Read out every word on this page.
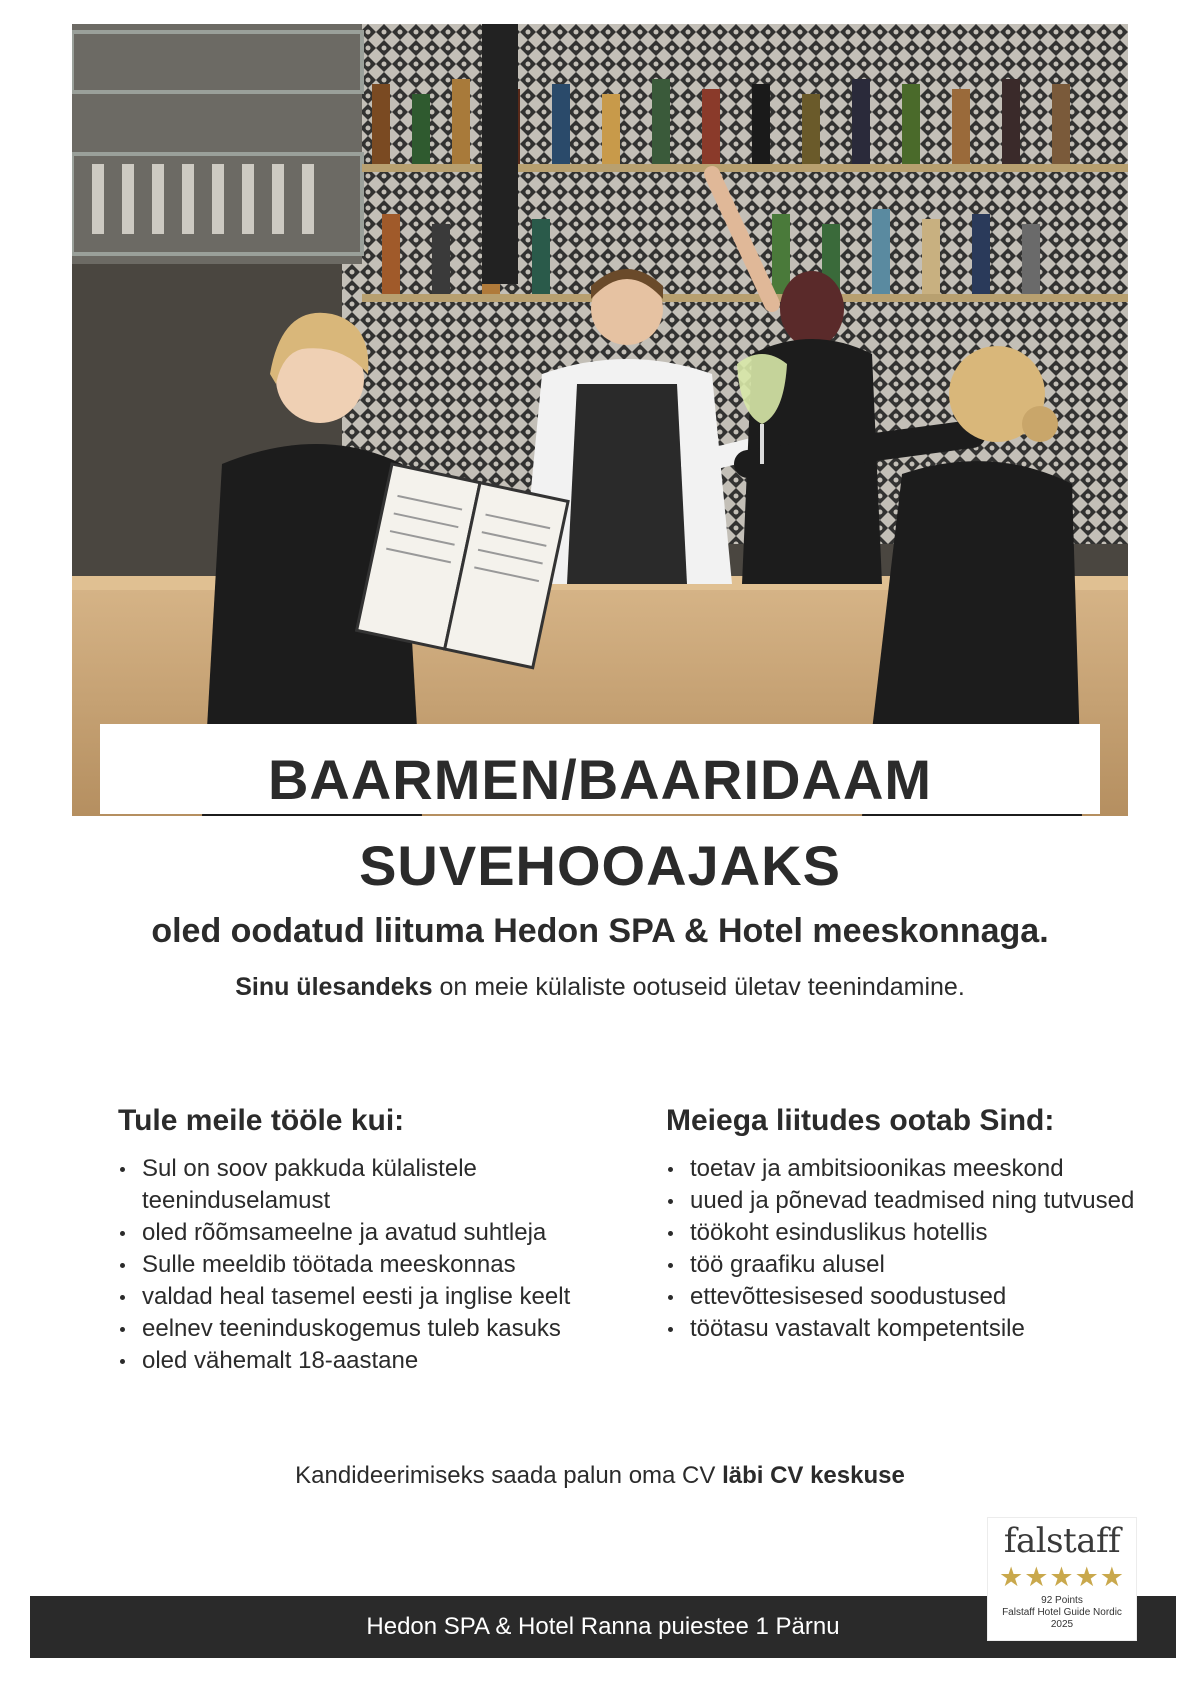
BAARMEN/BAARIDAAM
SUVEHOOAJAKS
oled oodatud liituma Hedon SPA & Hotel meeskonnaga.
Sinu ülesandeks on meie külaliste ootuseid ületav teenindamine.
Tule meile tööle kui:
Sul on soov pakkuda külalistele teeninduselamust
oled rõõmsameelne ja avatud suhtleja
Sulle meeldib töötada meeskonnas
valdad heal tasemel eesti ja inglise keelt
eelnev teeninduskogemus tuleb kasuks
oled vähemalt 18-aastane
Meiega liitudes ootab Sind:
toetav ja ambitsioonikas meeskond
uued ja põnevad teadmised ning tutvused
töökoht esinduslikus hotellis
töö graafiku alusel
ettevõttesisesed soodustused
töötasu vastavalt kompetentsile
Kandideerimiseks saada palun oma CV läbi CV keskuse
Hedon SPA & Hotel Ranna puiestee 1 Pärnu
falstaff
★★★★★
92 Points
Falstaff Hotel Guide Nordic
2025
